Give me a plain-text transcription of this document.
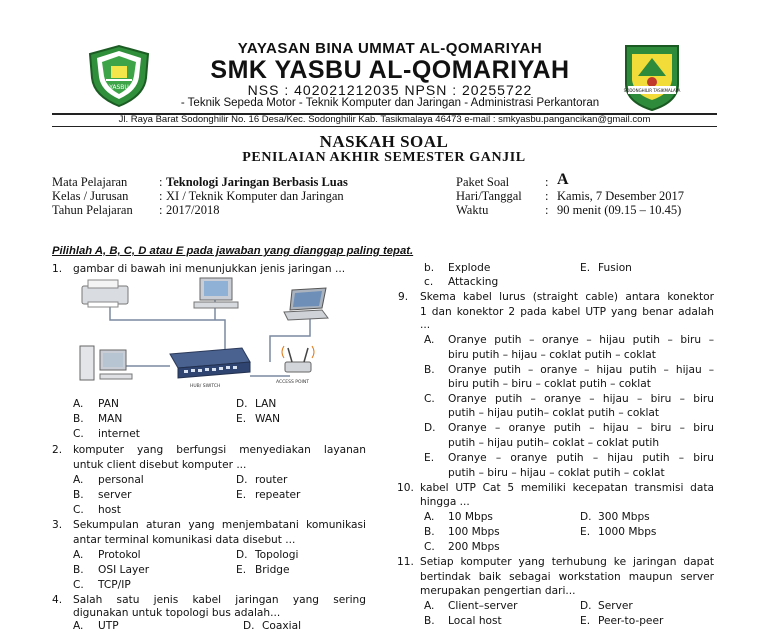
YASBU
YAYASAN BINA UMMAT AL-QOMARIYAH
SMK YASBU AL-QOMARIYAH
NSS : 402021212035 NPSN : 20255722
- Teknik Sepeda Motor - Teknik Komputer dan Jaringan - Administrasi Perkantoran
SODONGHILIR TASIKMALAYA
Jl. Raya Barat Sodonghilir No. 16 Desa/Kec. Sodonghilir Kab. Tasikmalaya 46473 e-mail : smkyasbu.pangancikan@gmail.com
NASKAH SOAL
PENILAIAN AKHIR SEMESTER GANJIL
Mata Pelajaran	: Teknologi Jaringan Berbasis Luas
Kelas / Jurusan : XI / Teknik Komputer dan Jaringan
Tahun Pelajaran : 2017/2018
Paket Soal	: A
Hari/Tanggal : Kamis, 7 Desember 2017
Waktu	: 90 menit (09.15 – 10.45)
Pilihlah A, B, C, D atau E pada jawaban yang dianggap paling tepat.
1. gambar di bawah ini menunjukkan jenis jaringan ...
HUB/ SWITCH
ACCESS POINT
A. PAN	D. LAN
B. MAN	E. WAN
C. internet
2. komputer yang berfungsi menyediakan layanan
untuk client disebut komputer ...
A. personal	D. router
B. server	E. repeater
C. host
3. Sekumpulan aturan yang menjembatani komunikasi
antar terminal komunikasi data disebut ...
A. Protokol	D. Topologi
B. OSI Layer	E. Bridge
C. TCP/IP
4. Salah satu jenis kabel jaringan yang sering
digunakan untuk topologi bus adalah...
A. UTP	D. Coaxial
b. Explode	E. Fusion
c. Attacking
9. Skema kabel lurus (straight cable) antara konektor
1 dan konektor 2 pada kabel UTP yang benar adalah
...
A. Oranye putih – oranye – hijau putih – biru –
biru putih – hijau – coklat putih – coklat
B. Oranye putih – oranye – hijau putih – hijau –
biru putih – biru – coklat putih – coklat
C. Oranye putih – oranye – hijau – biru – biru
putih – hijau putih– coklat putih – coklat
D. Oranye – oranye putih – hijau – biru – biru
putih – hijau putih– coklat – coklat putih
E. Oranye – oranye putih – hijau putih – biru
putih – biru – hijau – coklat putih – coklat
10. kabel UTP Cat 5 memiliki kecepatan transmisi data
hingga ...
A. 10 Mbps	D. 300 Mbps
B. 100 Mbps	E. 1000 Mbps
C. 200 Mbps
11. Setiap komputer yang terhubung ke jaringan dapat
bertindak baik sebagai workstation maupun server
merupakan pengertian dari...
A. Client–server	D. Server
B. Local host	E. Peer-to-peer
